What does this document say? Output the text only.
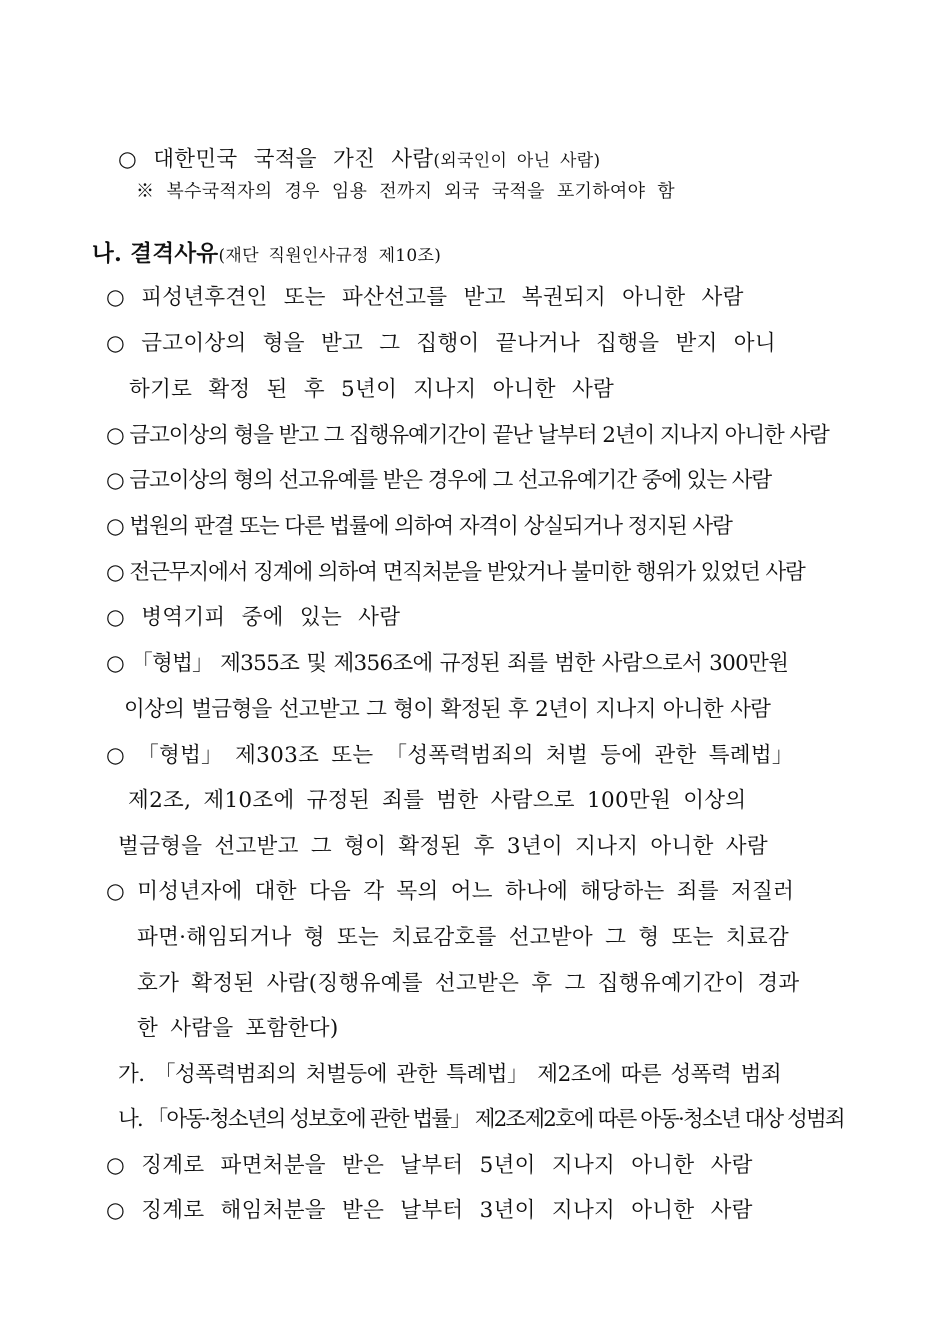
○ 대한민국 국적을 가진 사람(외국인이 아닌 사람)
※ 복수국적자의 경우 임용 전까지 외국 국적을 포기하여야 함
나. 결격사유(재단 직원인사규정 제10조)
○ 피성년후견인 또는 파산선고를 받고 복권되지 아니한 사람
○ 금고이상의 형을 받고 그 집행이 끝나거나 집행을 받지 아니
하기로 확정 된 후 5년이 지나지 아니한 사람
○ 금고이상의 형을 받고 그 집행유예기간이 끝난 날부터 2년이 지나지 아니한 사람
○ 금고이상의 형의 선고유예를 받은 경우에 그 선고유예기간 중에 있는 사람
○ 법원의 판결 또는 다른 법률에 의하여 자격이 상실되거나 정지된 사람
○ 전근무지에서 징계에 의하여 면직처분을 받았거나 불미한 행위가 있었던 사람
○ 병역기피 중에 있는 사람
○ 「형법」 제355조 및 제356조에 규정된 죄를 범한 사람으로서 300만원
이상의 벌금형을 선고받고 그 형이 확정된 후 2년이 지나지 아니한 사람
○ 「형법」 제303조 또는 「성폭력범죄의 처벌 등에 관한 특례법」
제2조, 제10조에 규정된 죄를 범한 사람으로 100만원 이상의
벌금형을 선고받고 그 형이 확정된 후 3년이 지나지 아니한 사람
○ 미성년자에 대한 다음 각 목의 어느 하나에 해당하는 죄를 저질러
파면·해임되거나 형 또는 치료감호를 선고받아 그 형 또는 치료감
호가 확정된 사람(징행유예를 선고받은 후 그 집행유예기간이 경과
한 사람을 포함한다)
가. 「성폭력범죄의 처벌등에 관한 특례법」 제2조에 따른 성폭력 범죄
나. 「아동·청소년의 성보호에 관한 법률」 제2조제2호에 따른 아동·청소년 대상 성범죄
○ 징계로 파면처분을 받은 날부터 5년이 지나지 아니한 사람
○ 징계로 해임처분을 받은 날부터 3년이 지나지 아니한 사람
